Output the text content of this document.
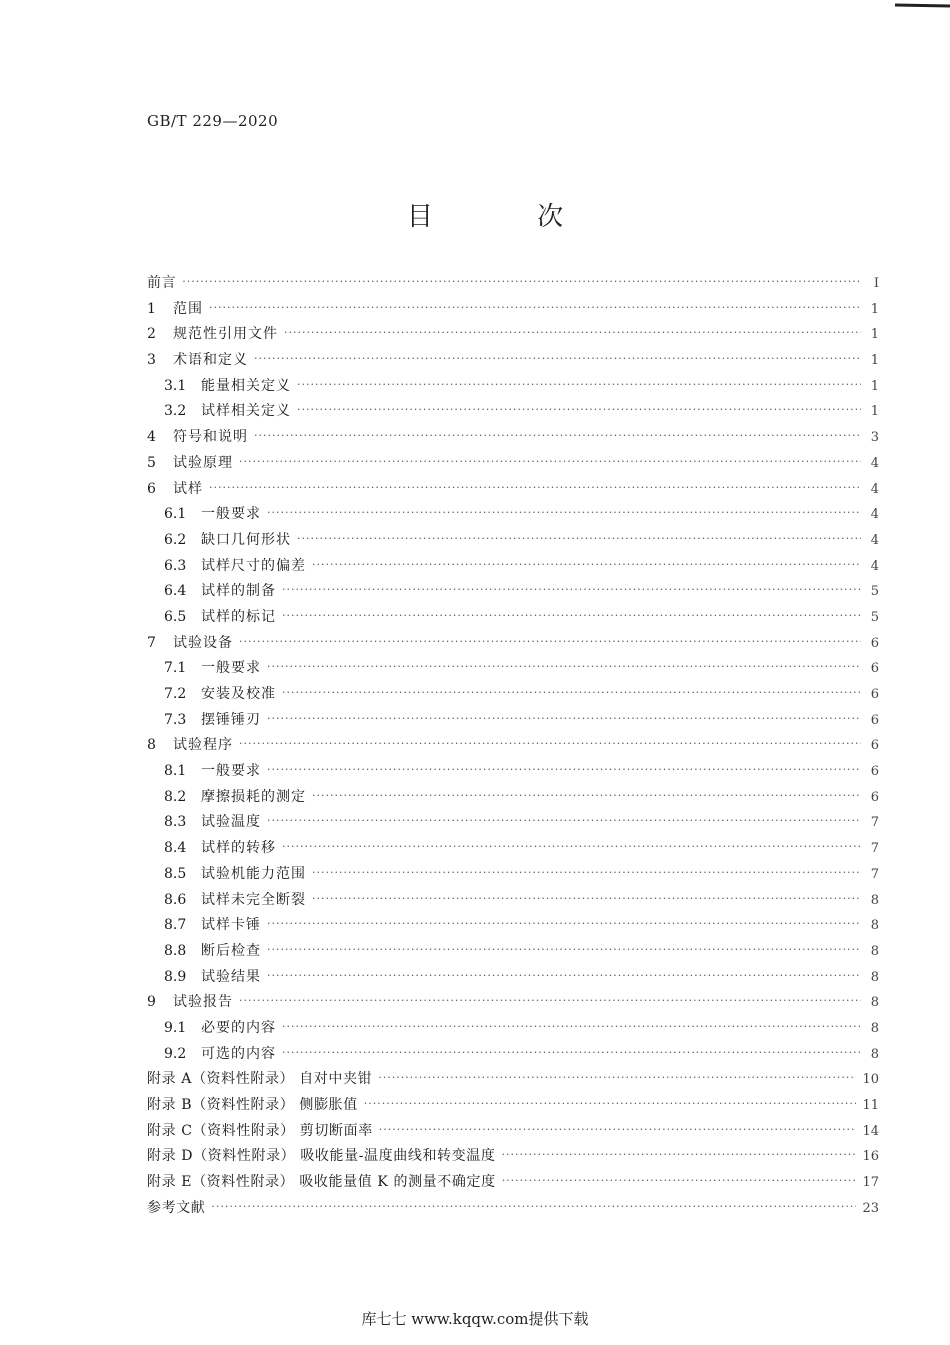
GB/T 229—2020
目 次
前言 ·····	Ⅰ
1	范围 ·····	1
2	规范性引用文件 ·····	1
3	术语和定义 ·····	1
3.1	能量相关定义 ·····	1
3.2	试样相关定义 ·····	1
4	符号和说明 ·····	3
5	试验原理 ·····	4
6	试样 ·····	4
6.1	一般要求 ·····	4
6.2	缺口几何形状 ·····	4
6.3	试样尺寸的偏差 ·····	4
6.4	试样的制备 ·····	5
6.5	试样的标记 ·····	5
7	试验设备 ·····	6
7.1	一般要求 ·····	6
7.2	安装及校准 ·····	6
7.3	摆锤锤刃 ·····	6
8	试验程序 ·····	6
8.1	一般要求 ·····	6
8.2	摩擦损耗的测定 ·····	6
8.3	试验温度 ·····	7
8.4	试样的转移 ·····	7
8.5	试验机能力范围 ·····	7
8.6	试样未完全断裂 ·····	8
8.7	试样卡锤 ·····	8
8.8	断后检查 ·····	8
8.9	试验结果 ·····	8
9	试验报告 ·····	8
9.1	必要的内容 ·····	8
9.2	可选的内容 ·····	8
附录 A（资料性附录） 自对中夹钳 ·····	10
附录 B（资料性附录） 侧膨胀值 ·····	11
附录 C（资料性附录） 剪切断面率 ·····	14
附录 D（资料性附录） 吸收能量-温度曲线和转变温度 ·····	16
附录 E（资料性附录） 吸收能量值 K 的测量不确定度 ·····	17
参考文献 ·····	23
库七七 www.kqqw.com提供下载
